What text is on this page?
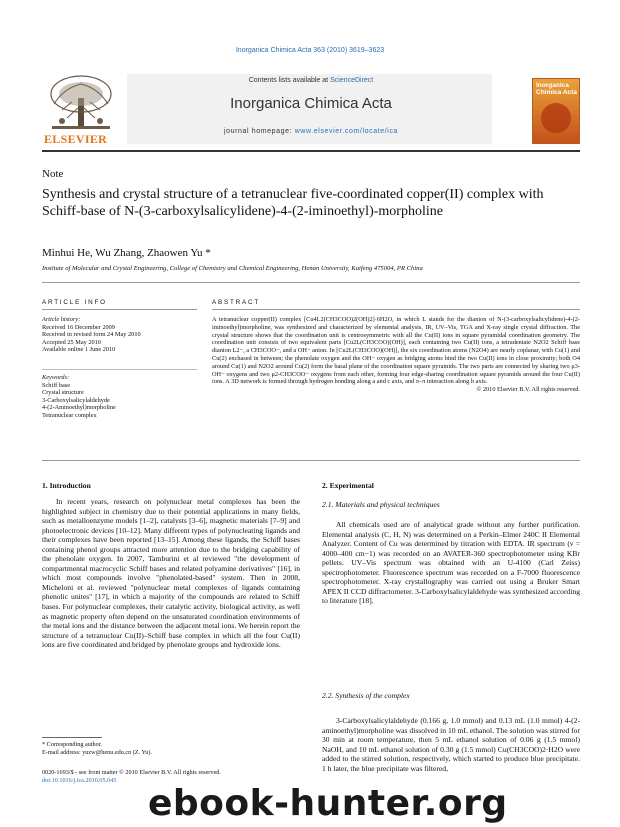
Inorganica Chimica Acta 363 (2010) 3619–3623
Contents lists available at ScienceDirect
Inorganica Chimica Acta
journal homepage: www.elsevier.com/locate/ica
ELSEVIER
Inorganica Chimica Acta
Note
Synthesis and crystal structure of a tetranuclear five-coordinated copper(II) complex with Schiff-base of N-(3-carboxylsalicylidene)-4-(2-iminoethyl)-morpholine
Minhui He, Wu Zhang, Zhaowen Yu *
Institute of Molecular and Crystal Engineering, College of Chemistry and Chemical Engineering, Henan University, Kaifeng 475004, PR China
ARTICLE INFO	ABSTRACT
Article history:
Received 16 December 2009
Received in revised form 24 May 2010
Accepted 25 May 2010
Available online 1 June 2010
Keywords:
Schiff base
Crystal structure
3-Carboxylsalicylaldehyde
4-(2-Aminoethyl)morpholine
Tetranuclear complex
A tetranuclear copper(II) complex [Cu4L2(CH3COO)2(OH)2]·6H2O, in which L stands for the dianion of N-(3-carboxylsalicylidene)-4-(2-iminoethyl)morpholine, was synthesized and characterized by elemental analysis, IR, UV–Vis, TGA and X-ray single crystal diffraction. The crystal structure shows that the coordination unit is centrosymmetric with all the Cu(II) ions in square pyramidal coordination geometry. The coordination unit consists of two equivalent parts [Cu2L(CH3COO)(OH)], each containing two Cu(II) ions, a tetradentate N2O2 Schiff base dianion L2−, a CH3COO−, and a OH− anion. In [Cu2L(CH3COO)(OH)], the six coordination atoms (N2O4) are nearly coplanar, with Cu(1) and Cu(2) enchased in between; the phenolate oxygen and the OH− oxygen as bridging atoms bind the two Cu(II) ions in close proximity; both O4 around Cu(1) and N2O2 around Cu(2) form the basal plane of the coordination square pyramids. The two parts are connected by sharing two μ3-OH− oxygens and two μ2-CH3COO− oxygens from each other, forming four edge-sharing coordination square pyramids around the four Cu(II) ions. A 3D network is formed through hydrogen bonding along a and c axis, and π–π interaction along b axis.
© 2010 Elsevier B.V. All rights reserved.
1. Introduction
In recent years, research on polynuclear metal complexes has been the highlighted subject in chemistry due to their potential applications in many fields, such as metalloenzyme models [1–2], catalysts [3–6], magnetic materials [7–9] and photoelectronic devices [10–12]. Many different types of polynucleating ligands and their complexes have been reported [13–15]. Among these ligands, the Schiff bases containing phenol groups attracted more attention due to the bridging capability of the phenolate oxygen. In 2007, Tamburini et al reviewed "the development of compartmental macrocyclic Schiff bases and related polyamine derivatives" [16], in which most compounds involve "phenolated-based" system. Then in 2008, Micheloni et al. reviewed "polynuclear metal complexes of ligands containing phenolic unites" [17], in which a majority of the compounds are related to Schiff bases. For polynuclear complexes, their catalytic activity, biological activity, as well as magnetic property often depend on the unsaturated coordination environments of the metal ions and the distance between the adjacent metal ions. We herein report the structure of a tetranuclear Cu(II)–Schiff base complex in which all the four Cu(II) ions are five coordinated and bridged by phenolate groups and hydroxide ions.
2. Experimental
2.1. Materials and physical techniques
All chemicals used are of analytical grade without any further purification. Elemental analysis (C, H, N) was determined on a Perkin–Elmer 240C II Elemental Analyzer. Content of Cu was determined by titration with EDTA. IR spectrum (ν = 4000–400 cm−1) was recorded on an AVATER-360 spectrophotometer using KBr pellets. UV–Vis spectrum was obtained with an U-4100 (Carl Zeiss) spectrophotometer. Fluorescence spectrum was recorded on a F-7000 fluorescence spectrophotometer. X-ray crystallography was carried out using a Bruker Smart APEX II CCD diffractometer. 3-Carboxylsalicylaldehyde was synthesized according to literature [18].
2.2. Synthesis of the complex
3-Carboxylsalicylaldehyde (0.166 g, 1.0 mmol) and 0.13 mL (1.0 mmol) 4-(2-aminoethyl)morpholine was dissolved in 10 mL ethanol. The solution was stirred for 30 min at room temperature, then 5 mL ethanol solution of 0.06 g (1.5 mmol) NaOH, and 10 mL ethanol solution of 0.30 g (1.5 mmol) Cu(CH3COO)2·H2O were added to the stirred solution, respectively, which started to produce blue precipitate. 1 h later, the blue precipitate was filtered,
* Corresponding author.
E-mail address: yuzw@henu.edu.cn (Z. Yu).
0020-1693/$ - see front matter © 2010 Elsevier B.V. All rights reserved.
doi:10.1016/j.ica.2010.05.045
ebook-hunter.org
